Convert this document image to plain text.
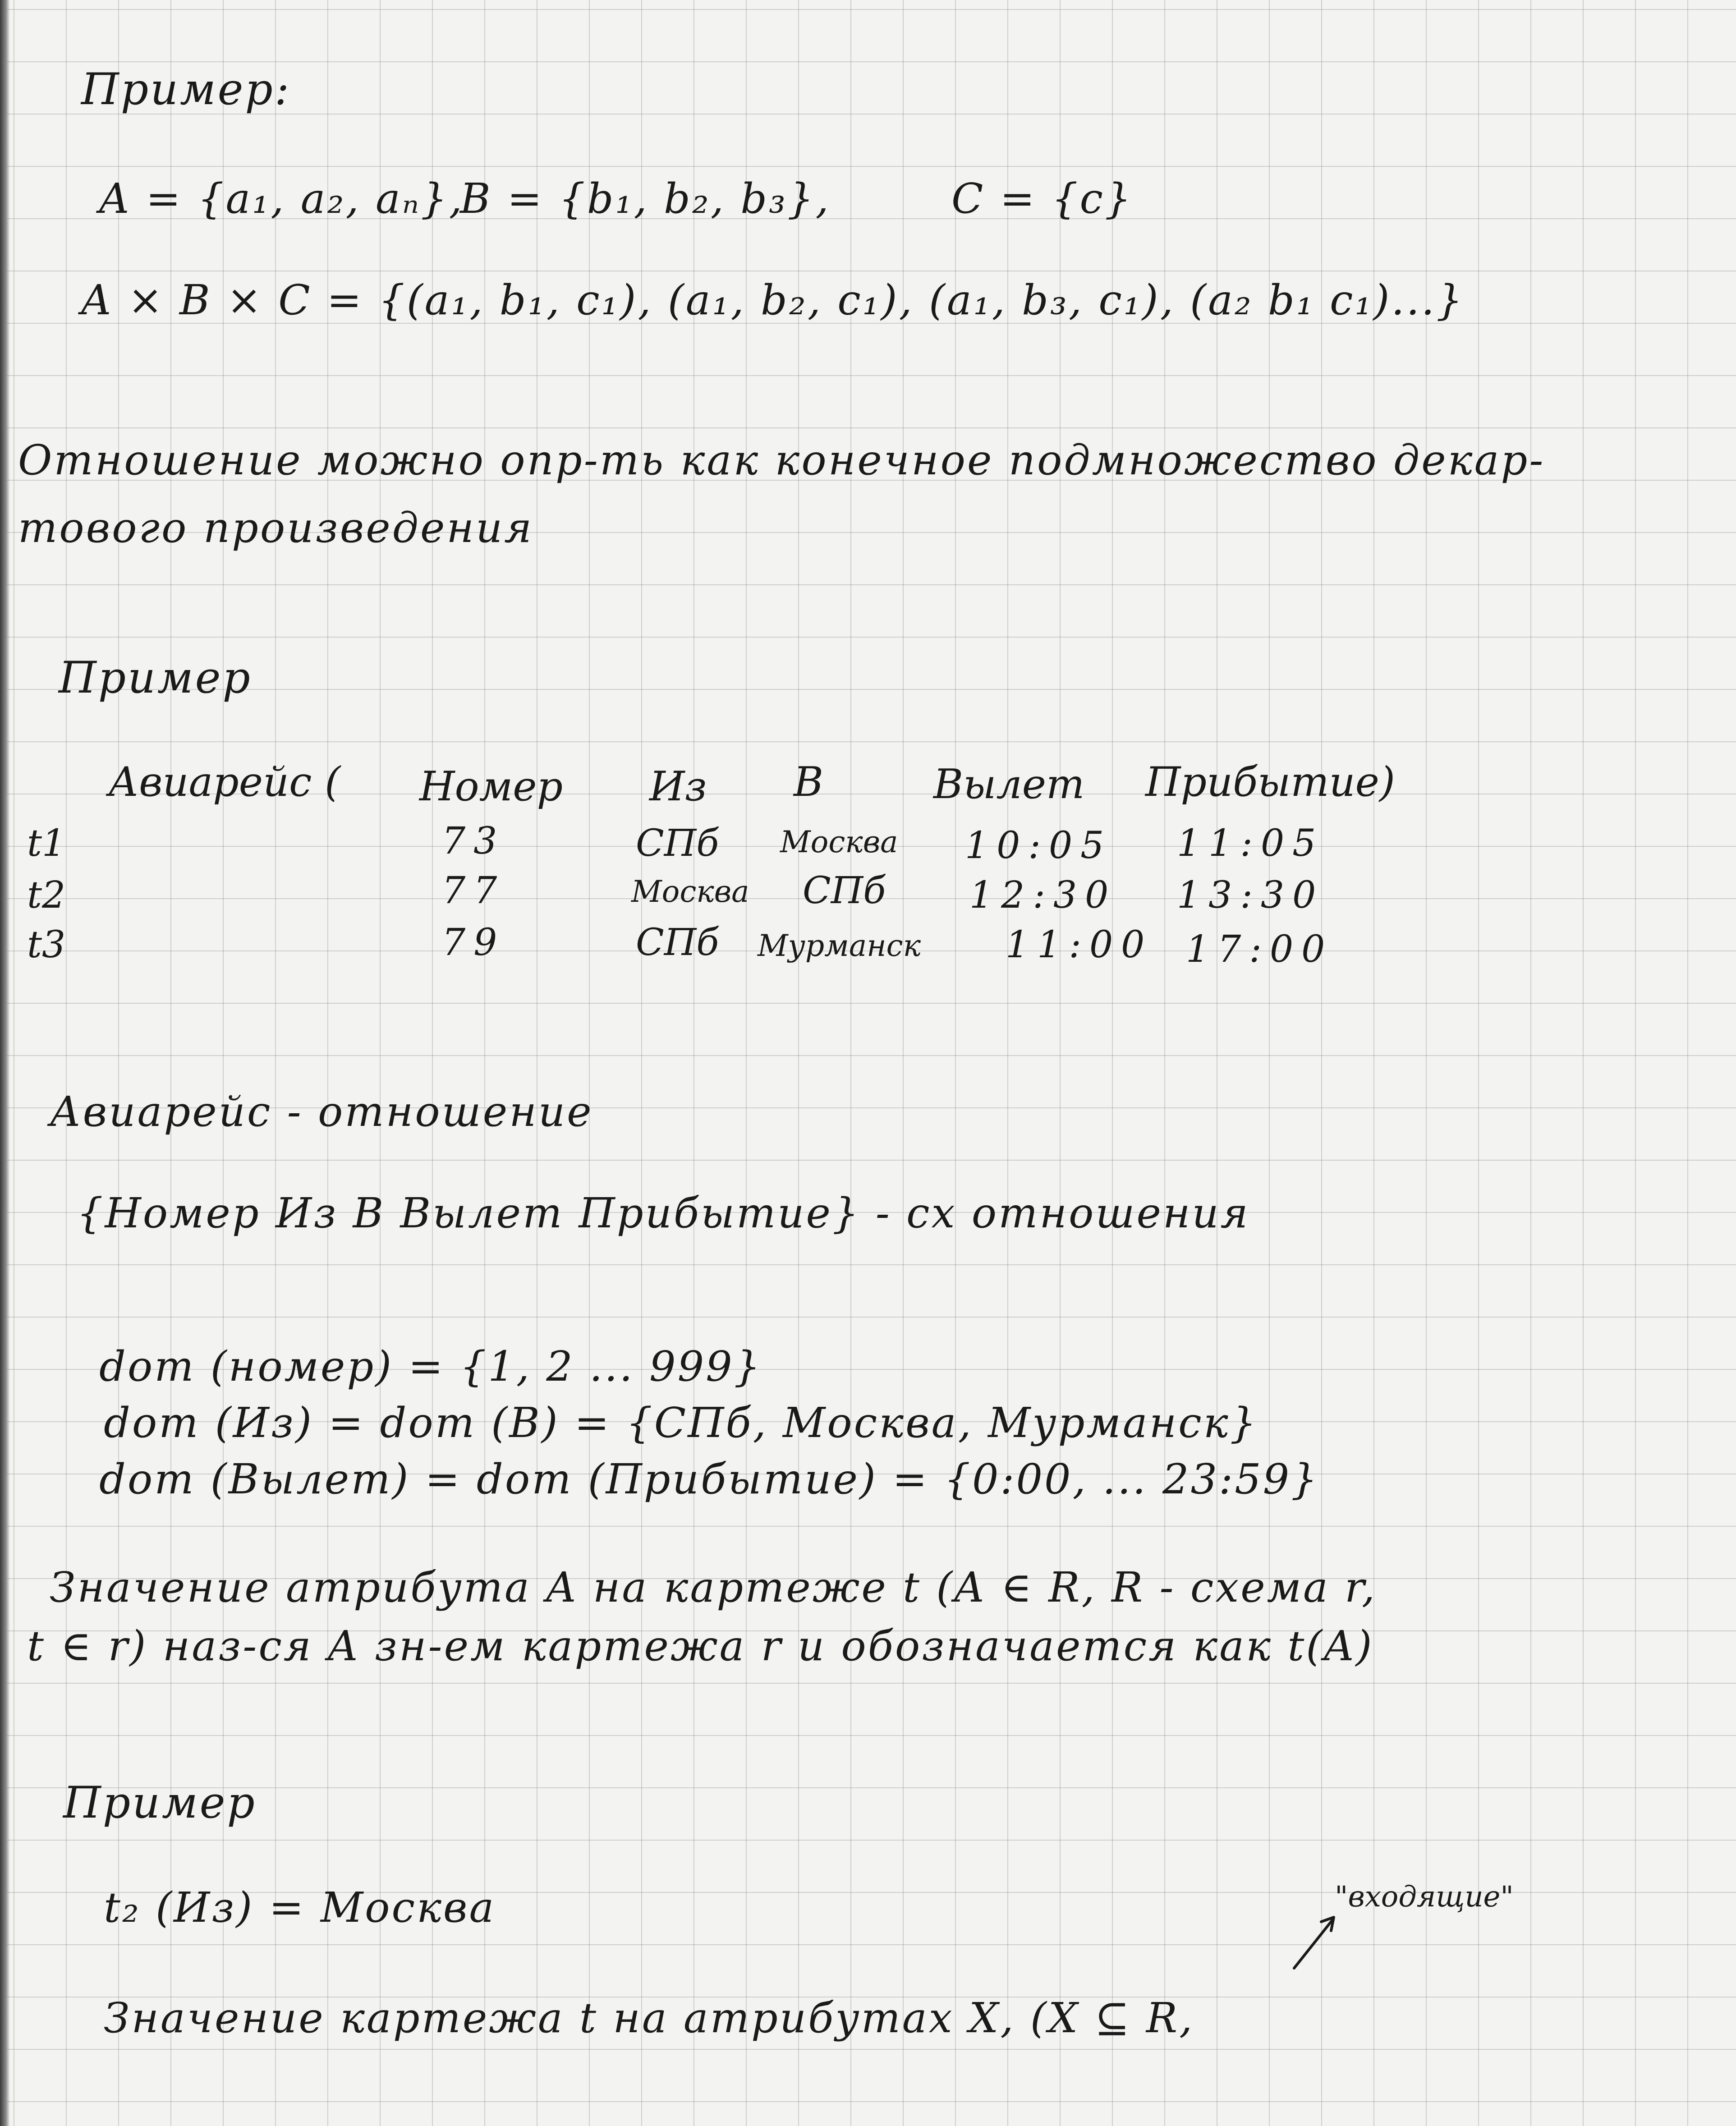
Пример:
A = {a₁, a₂, aₙ},
B = {b₁, b₂, b₃},	C = {c}
A × B × C = {(a₁, b₁, c₁), (a₁, b₂, c₁), (a₁, b₃, c₁), (a₂ b₁ c₁)...}
Отношение можно опр-ть как конечное подмножество декар-
тового произведения
Пример
Авиарейс ( Номер Из В	Вылет Прибытие)
t1	73	СПб Москва 10:05 11:05
t2	77	Москва СПб 12:30 13:30
t3	79	СПб Мурманск 11:00 17:00
Авиарейс - отношение
{Номер Из В Вылет Прибытие} - сх отношения
dom (номер) = {1, 2 ... 999}
dom (Из) = dom (В) = {СПб, Москва, Мурманск}
dom (Вылет) = dom (Прибытие) = {0:00, ... 23:59}
Значение атрибута A на картеже t (A ∈ R, R - схема r,
t ∈ r) наз-ся A зн-ем картежа r и обозначается как t(A)
Пример
t₂ (Из) = Москва	"входящие"
Значение картежа t на атрибутах X, (X ⊆ R,
